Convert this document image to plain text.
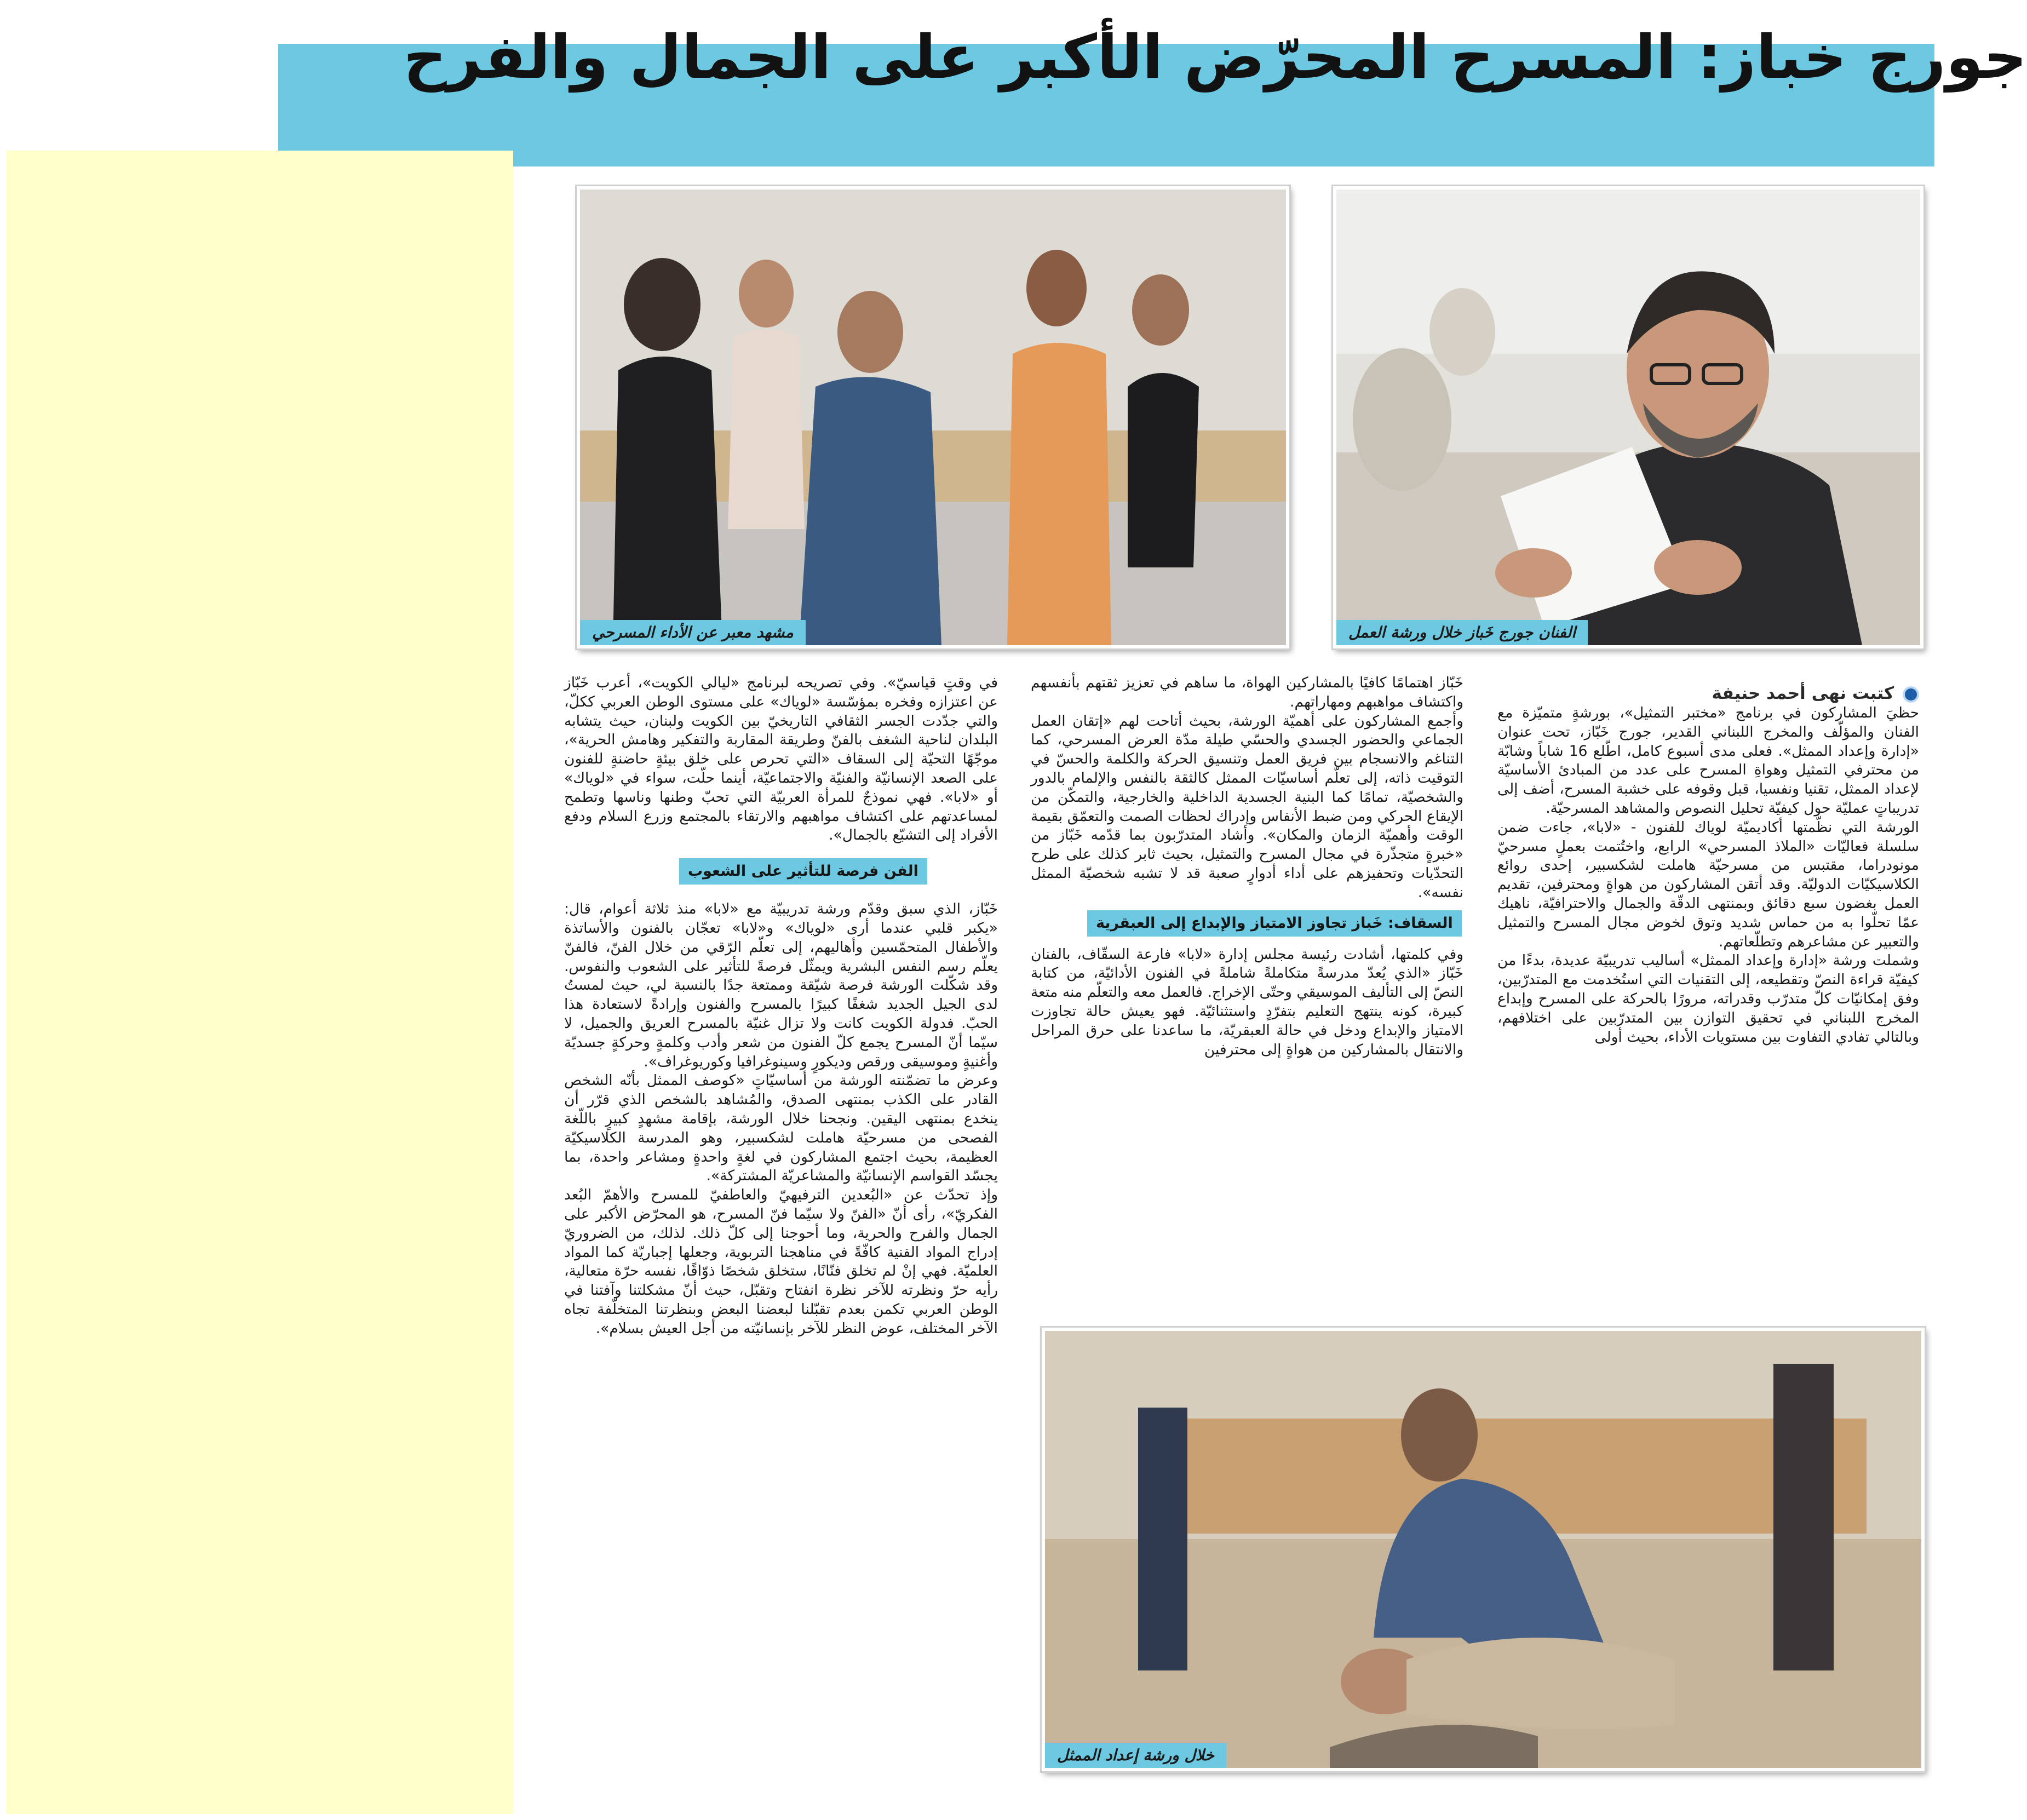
جورج خباز: المسرح المحرّض الأكبر على الجمال والفرح
الفنان جورج خَباز خلال ورشة العمل
مشهد معبر عن الأداء المسرحي
خلال ورشة إعداد الممثل
كتبت نهى أحمد حنيفة

حظيَ المشاركون في برنامج «مختبر التمثيل»، بورشةٍ متميّزة مع الفنان والمؤلّف والمخرج اللبناني القدير، جورج خَبّاز، تحت عنوان «إدارة وإعداد الممثل». فعلى مدى أسبوع كامل، اطّلع 16 شاباً وشابّة من محترفي التمثيل وهواةِ المسرح على عدد من المبادئ الأساسيّة لإعداد الممثل، تقنيا ونفسيا، قبل وقوفه على خشبة المسرح، أضف إلى تدريباتٍ عمليّة حول كيفيّة تحليل النصوص والمشاهد المسرحيّة.

الورشة التي نظّمتها أكاديميّة لوياك للفنون - «لابا»، جاءت ضمن سلسلة فعاليّات «الملاذ المسرحي» الرابع، واختُتمت بعملٍ مسرحيّ مونودراما، مقتبس من مسرحيّة هاملت لشكسبير، إحدى روائع الكلاسيكيّات الدوليّة. وقد أتقن المشاركون من هواةٍ ومحترفين، تقديم العمل بغضون سبع دقائق وبمنتهى الدقّة والجمال والاحترافيّة، ناهيك عمّا تحلّوا به من حماس شديد وتوق لخوض مجال المسرح والتمثيل والتعبير عن مشاعرهم وتطلّعاتهم.

وشملت ورشة «إدارة وإعداد الممثل» أساليب تدريبيّة عديدة، بدءًا من كيفيّة قراءة النصّ وتقطيعه، إلى التقنيات التي استُخدمت مع المتدرّبين، وفق إمكانيّات كلّ متدرّب وقدراته، مرورًا بالحركة على المسرح وإبداع المخرج اللبناني في تحقيق التوازن بين المتدرّبين على اختلافهم، وبالتالي تفادي التفاوت بين مستويات الأداء، بحيث أولى

خَبّاز اهتمامًا كافيًا بالمشاركين الهواة، ما ساهم في تعزيز ثقتهم بأنفسهم واكتشاف مواهبهم ومهاراتهم.

وأجمع المشاركون على أهميّة الورشة، بحيث أتاحت لهم «إتقان العمل الجماعي والحضور الجسدي والحسّي طيلة مدّة العرض المسرحي، كما التناغم والانسجام بين فريق العمل وتنسيق الحركة والكلمة والحسّ في التوقيت ذاته، إلى تعلّم أساسيّات الممثل كالثقة بالنفس والإلمام بالدور والشخصيّة، تمامًا كما البنية الجسدية الداخلية والخارجية، والتمكّن من الإيقاع الحركي ومن ضبط الأنفاس وإدراك لحظات الصمت والتعمّق بقيمة الوقت وأهميّة الزمان والمكان». وأشاد المتدرّبون بما قدّمه خَبّاز من «خبرةٍ متجذّرة في مجال المسرح والتمثيل، بحيث ثابر كذلك على طرح التحدّيات وتحفيزهم على أداء أدوارٍ صعبة قد لا تشبه شخصيّة الممثل نفسه».

وفي كلمتها، أشادت رئيسة مجلس إدارة «لابا» فارعة السقّاف، بالفنان خَبّاز «الذي يُعدّ مدرسةً متكاملةً شاملةً في الفنون الأدائيّة، من كتابة النصّ إلى التأليف الموسيقي وحتّى الإخراج. فالعمل معه والتعلّم منه متعة كبيرة، كونه ينتهج التعليم بتفرّدٍ واستثنائيّة. فهو يعيش حالة تجاوزت الامتياز والإبداع ودخل في حالة العبقريّة، ما ساعدنا على حرق المراحل والانتقال بالمشاركين من هواةٍ إلى محترفين

السقاف: خَباز تجاوز الامتياز والإبداع إلى العبقرية

في وقتٍ قياسيّ». وفي تصريحه لبرنامج «ليالي الكويت»، أعرب خَبّاز عن اعتزازه وفخره بمؤسّسة «لوياك» على مستوى الوطن العربي ككلّ، والتي جدّدت الجسر الثقافي التاريخيّ بين الكويت ولبنان، حيث يتشابه البلدان لناحية الشغف بالفنّ وطريقة المقاربة والتفكير وهامش الحرية»، موجّهًا التحيّة إلى السقاف «التي تحرص على خلق بيئةٍ حاضنةٍ للفنون على الصعد الإنسانيّة والفنيّة والاجتماعيّة، أينما حلّت، سواء في «لوياك» أو «لابا». فهي نموذجٌ للمرأة العربيّة التي تحبّ وطنها وناسها وتطمح لمساعدتهم على اكتشاف مواهبهم والارتقاء بالمجتمع وزرع السلام ودفع الأفراد إلى التشبّع بالجمال».

خَبّاز، الذي سبق وقدّم ورشة تدريبيّة مع «لابا» منذ ثلاثة أعوام، قال: «يكبر قلبي عندما أرى «لوياك» و«لابا» تعجّان بالفنون والأساتذة والأطفال المتحمّسين وأهاليهم، إلى تعلّم الرّقي من خلال الفنّ، فالفنّ يعلّم رسم النفس البشرية ويمثّل فرصةً للتأثير على الشعوب والنفوس. وقد شكّلت الورشة فرصة شيّقة وممتعة جدًا بالنسبة لي، حيث لمستُ لدى الجيل الجديد شغفًا كبيرًا بالمسرح والفنون وإرادةً لاستعادة هذا الحبّ. فدولة الكويت كانت ولا تزال غنيّة بالمسرح العريق والجميل، لا سيّما أنّ المسرح يجمع كلّ الفنون من شعر وأدب وكلمةٍ وحركةٍ جسديّة وأغنيةٍ وموسيقى ورقص وديكورٍ وسينوغرافيا وكوريوغراف».

وعرض ما تضمّنته الورشة من أساسيّاتٍ «كوصف الممثل بأنّه الشخص القادر على الكذب بمنتهى الصدق، والمُشاهد بالشخص الذي قرّر أن ينخدع بمنتهى اليقين. ونجحنا خلال الورشة، بإقامة مشهدٍ كبيرٍ باللّغة الفصحى من مسرحيّة هاملت لشكسبير، وهو المدرسة الكلاسيكيّة العظيمة، بحيث اجتمع المشاركون في لغةٍ واحدةٍ ومشاعر واحدة، بما يجسّد القواسم الإنسانيّة والمشاعريّة المشتركة».

وإذ تحدّث عن «البُعدين الترفيهيّ والعاطفيّ للمسرح والأهمّ البُعد الفكريّ»، رأى أنّ «الفنّ ولا سيّما فنّ المسرح، هو المحرّض الأكبر على الجمال والفرح والحرية، وما أحوجنا إلى كلّ ذلك. لذلك، من الضروريّ إدراج المواد الفنية كافّةً في مناهجنا التربوية، وجعلها إجباريّة كما المواد العلميّة. فهي إنْ لم تخلق فنّانًا، ستخلق شخصًا ذوّاقًا، نفسه حرّة متعالية، رأيه حرّ ونظرته للآخر نظرة انفتاح وتقبّل، حيث أنّ مشكلتنا وآفتنا في الوطن العربي تكمن بعدم تقبّلنا لبعضنا البعض وبنظرتنا المتخلّفة تجاه الآخر المختلف، عوض النظر للآخر بإنسانيّته من أجل العيش بسلام».

الفن فرصة للتأثير على الشعوب
